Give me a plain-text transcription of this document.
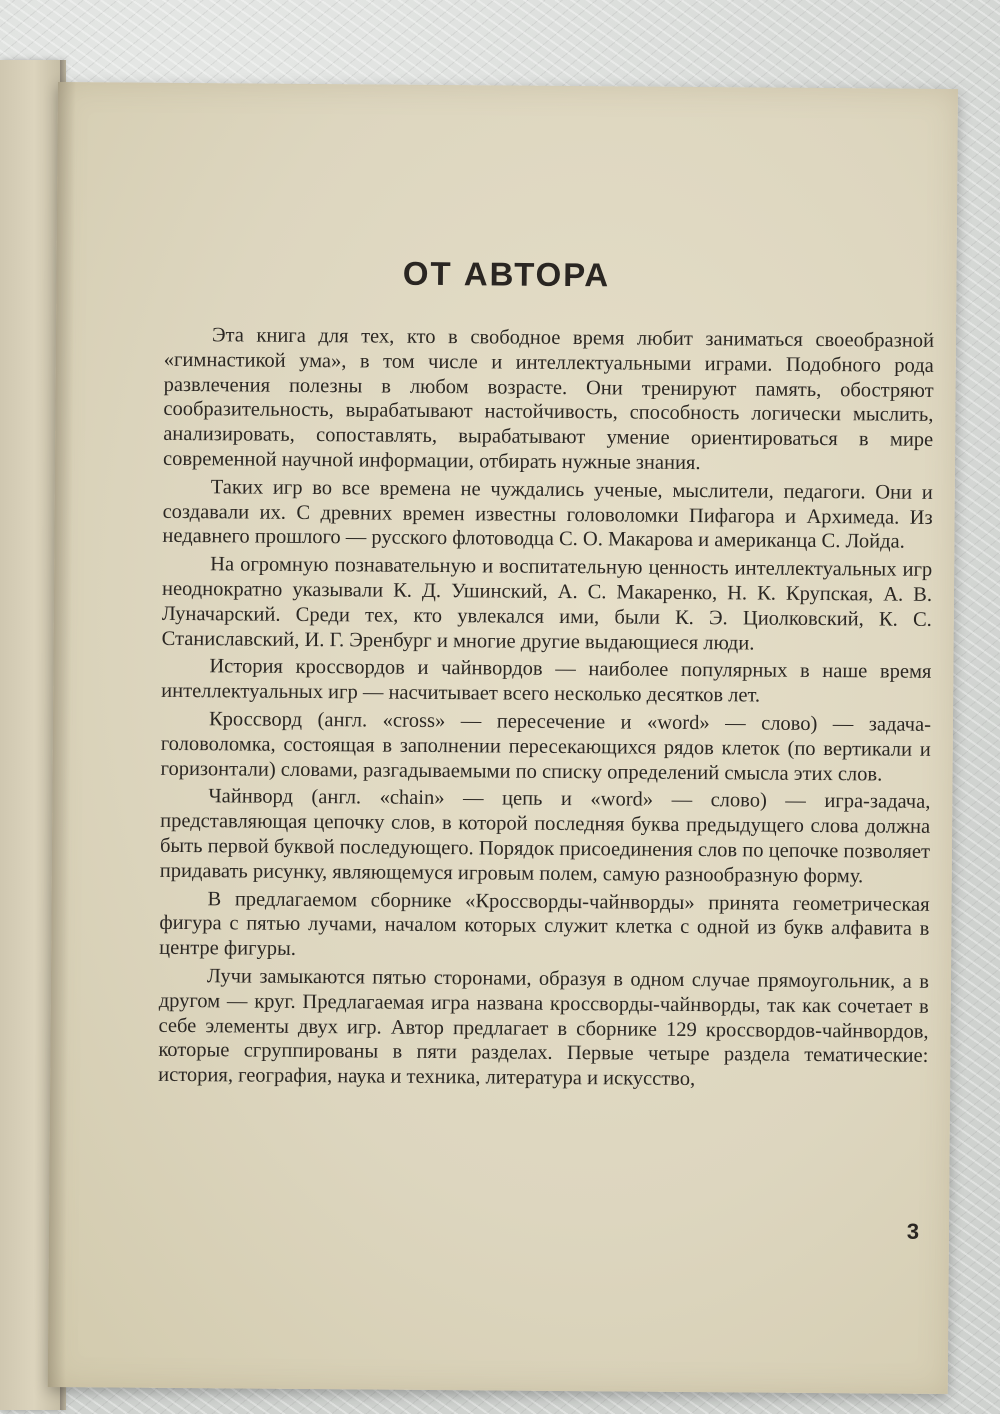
ОТ АВТОРА

Эта книга для тех, кто в свободное время любит заниматься своеобразной «гимнастикой ума», в том числе и интеллектуальными играми. Подобного рода развлечения полезны в любом возрасте. Они тренируют память, обостряют сообразительность, вырабатывают настойчивость, способность логически мыслить, анализировать, сопоставлять, вырабатывают умение ориентироваться в мире современной научной информации, отбирать нужные знания.

Таких игр во все времена не чуждались ученые, мыслители, педагоги. Они и создавали их. С древних времен известны головоломки Пифагора и Архимеда. Из недавнего прошлого — русского флотоводца С. О. Макарова и американца С. Лойда.

На огромную познавательную и воспитательную ценность интеллектуальных игр неоднократно указывали К. Д. Ушинский, А. С. Макаренко, Н. К. Крупская, А. В. Луначарский. Среди тех, кто увлекался ими, были К. Э. Циолковский, К. С. Станиславский, И. Г. Эренбург и многие другие выдающиеся люди.

История кроссвордов и чайнвордов — наиболее популярных в наше время интеллектуальных игр — насчитывает всего несколько десятков лет.

Кроссворд (англ. «cross» — пересечение и «word» — слово) — задача-головоломка, состоящая в заполнении пересекающихся рядов клеток (по вертикали и горизонтали) словами, разгадываемыми по списку определений смысла этих слов.

Чайнворд (англ. «chain» — цепь и «word» — слово) — игра-задача, представляющая цепочку слов, в которой последняя буква предыдущего слова должна быть первой буквой последующего. Порядок присоединения слов по цепочке позволяет придавать рисунку, являющемуся игровым полем, самую разнообразную форму.

В предлагаемом сборнике «Кроссворды-чайнворды» принята геометрическая фигура с пятью лучами, началом которых служит клетка с одной из букв алфавита в центре фигуры.

Лучи замыкаются пятью сторонами, образуя в одном случае прямоугольник, а в другом — круг. Предлагаемая игра названа кроссворды-чайнворды, так как сочетает в себе элементы двух игр. Автор предлагает в сборнике 129 кроссвордов-чайнвордов, которые сгруппированы в пяти разделах. Первые четыре раздела тематические: история, география, наука и техника, литература и искусство,

3
